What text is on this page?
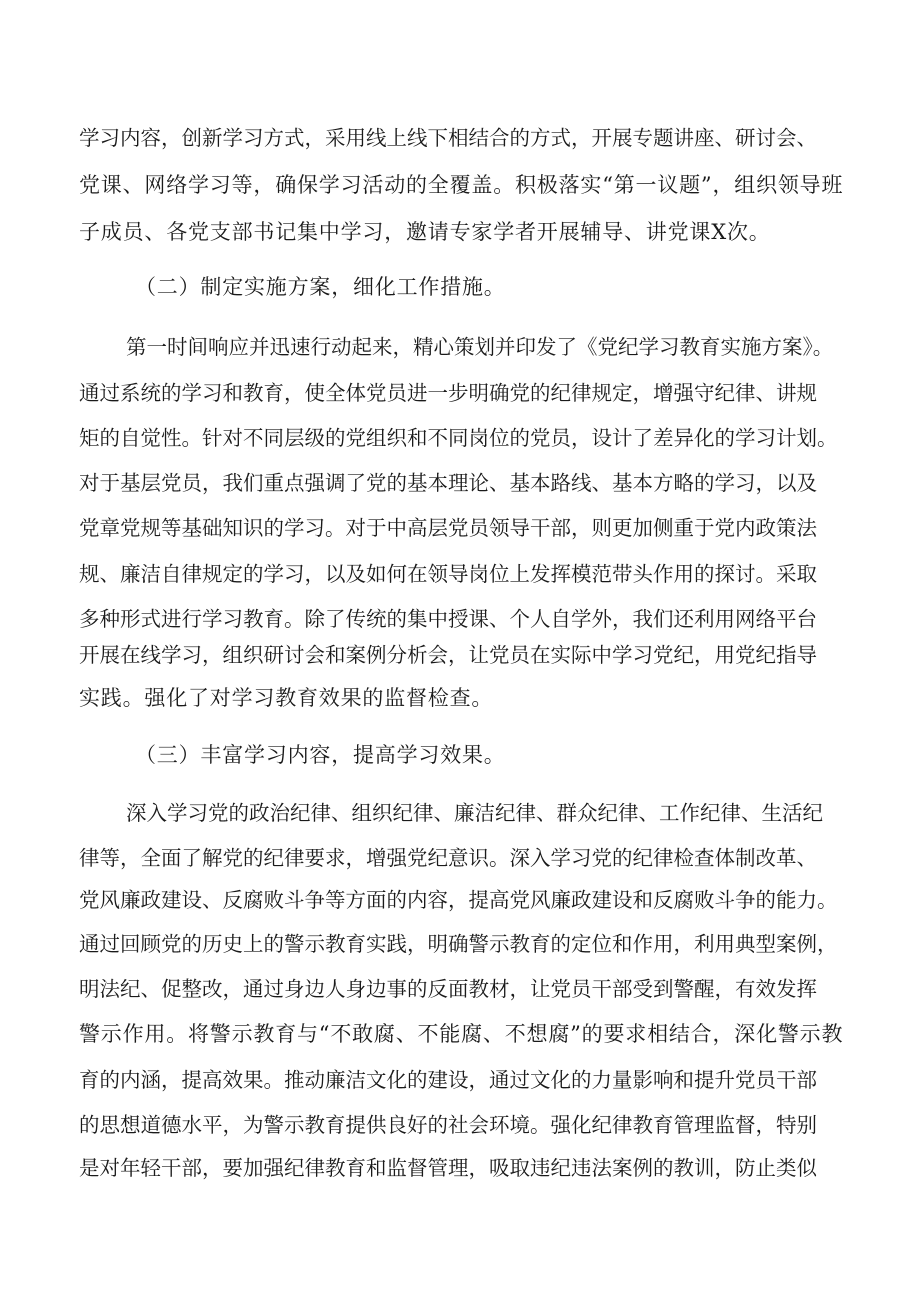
学习内容，创新学习方式，采用线上线下相结合的方式，开展专题讲座、研讨会、
党课、网络学习等，确保学习活动的全覆盖。积极落实“第一议题”，组织领导班
子成员、各党支部书记集中学习，邀请专家学者开展辅导、讲党课X次。
（二）制定实施方案，细化工作措施。
第一时间响应并迅速行动起来，精心策划并印发了《党纪学习教育实施方案》。
通过系统的学习和教育，使全体党员进一步明确党的纪律规定，增强守纪律、讲规
矩的自觉性。针对不同层级的党组织和不同岗位的党员，设计了差异化的学习计划。
对于基层党员，我们重点强调了党的基本理论、基本路线、基本方略的学习，以及
党章党规等基础知识的学习。对于中高层党员领导干部，则更加侧重于党内政策法
规、廉洁自律规定的学习，以及如何在领导岗位上发挥模范带头作用的探讨。采取
多种形式进行学习教育。除了传统的集中授课、个人自学外，我们还利用网络平台
开展在线学习，组织研讨会和案例分析会，让党员在实际中学习党纪，用党纪指导
实践。强化了对学习教育效果的监督检查。
（三）丰富学习内容，提高学习效果。
深入学习党的政治纪律、组织纪律、廉洁纪律、群众纪律、工作纪律、生活纪
律等，全面了解党的纪律要求，增强党纪意识。深入学习党的纪律检查体制改革、
党风廉政建设、反腐败斗争等方面的内容，提高党风廉政建设和反腐败斗争的能力。
通过回顾党的历史上的警示教育实践，明确警示教育的定位和作用，利用典型案例，
明法纪、促整改，通过身边人身边事的反面教材，让党员干部受到警醒，有效发挥
警示作用。将警示教育与“不敢腐、不能腐、不想腐”的要求相结合，深化警示教
育的内涵，提高效果。推动廉洁文化的建设，通过文化的力量影响和提升党员干部
的思想道德水平，为警示教育提供良好的社会环境。强化纪律教育管理监督，特别
是对年轻干部，要加强纪律教育和监督管理，吸取违纪违法案例的教训，防止类似
